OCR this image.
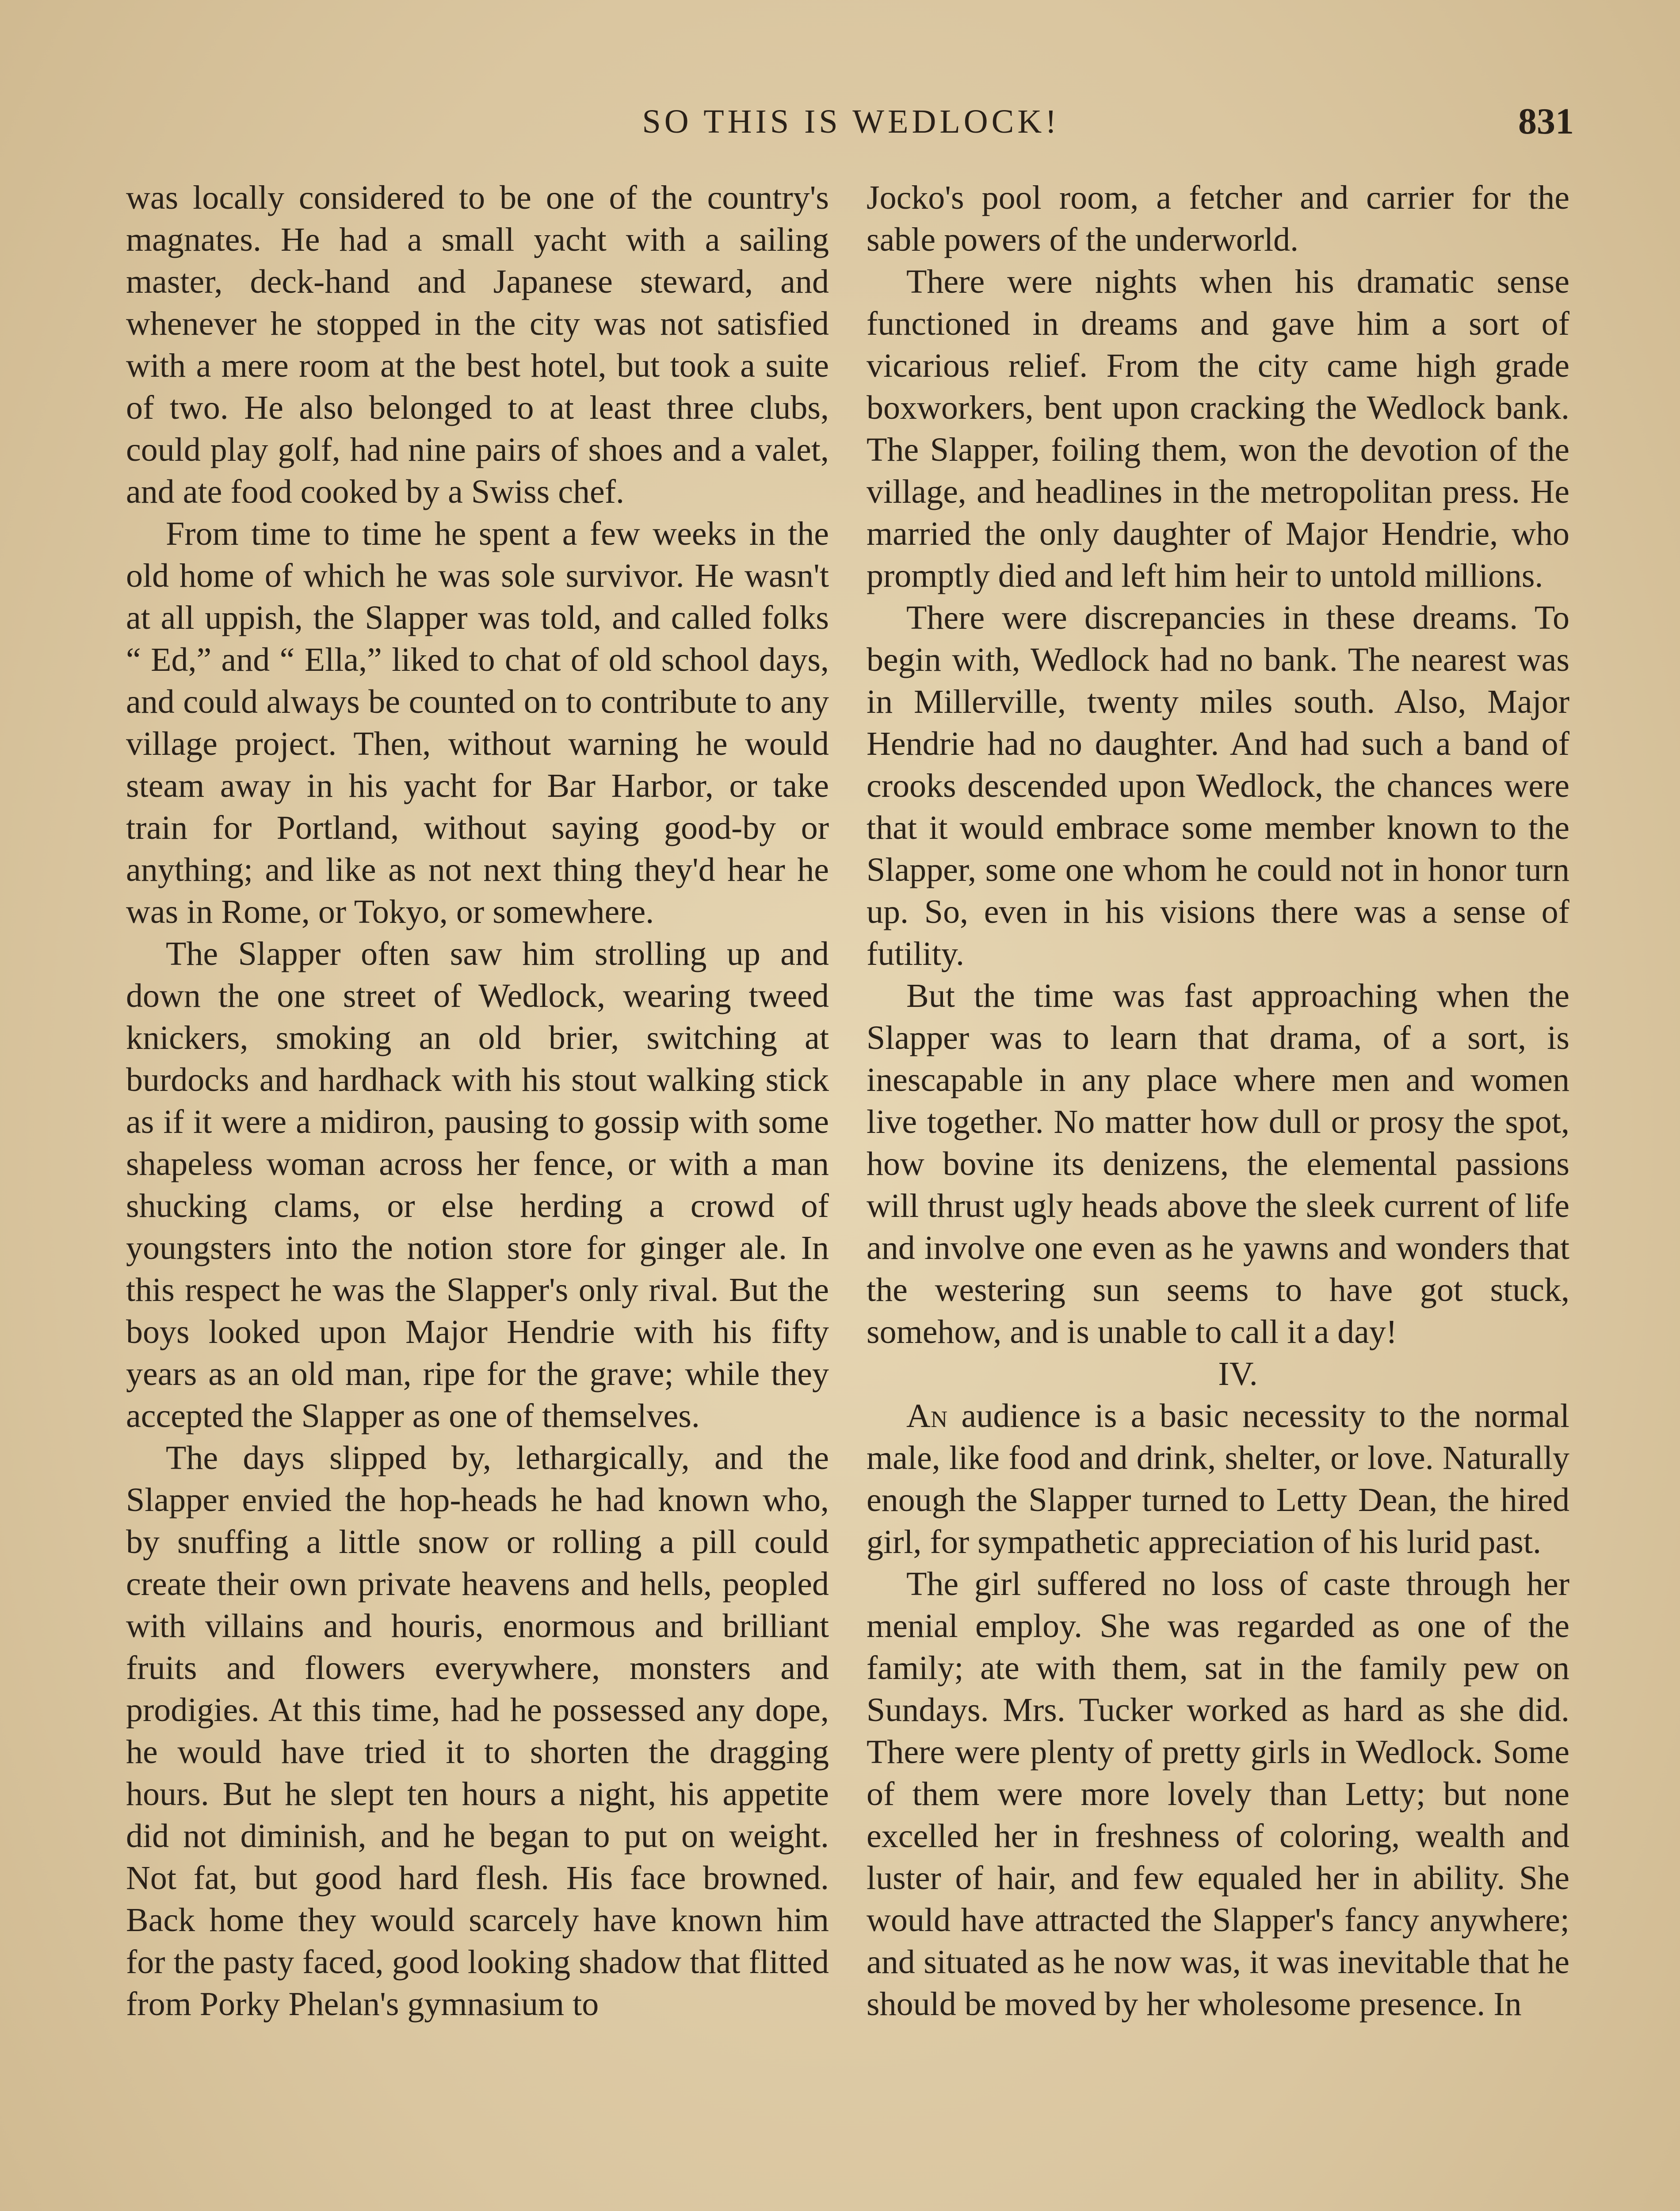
SO THIS IS WEDLOCK!	831

was locally considered to be one of the country's magnates. He had a small yacht with a sailing master, deck-hand and Japanese steward, and whenever he stopped in the city was not satisfied with a mere room at the best hotel, but took a suite of two. He also belonged to at least three clubs, could play golf, had nine pairs of shoes and a valet, and ate food cooked by a Swiss chef.

From time to time he spent a few weeks in the old home of which he was sole survivor. He wasn't at all uppish, the Slapper was told, and called folks “ Ed,” and “ Ella,” liked to chat of old school days, and could always be counted on to contribute to any village project. Then, without warning he would steam away in his yacht for Bar Harbor, or take train for Portland, without saying good-by or anything; and like as not next thing they'd hear he was in Rome, or Tokyo, or somewhere.

The Slapper often saw him strolling up and down the one street of Wedlock, wearing tweed knickers, smoking an old brier, switching at burdocks and hardhack with his stout walking stick as if it were a midiron, pausing to gossip with some shapeless woman across her fence, or with a man shucking clams, or else herding a crowd of youngsters into the notion store for ginger ale. In this respect he was the Slapper's only rival. But the boys looked upon Major Hendrie with his fifty years as an old man, ripe for the grave; while they accepted the Slapper as one of themselves.

The days slipped by, lethargically, and the Slapper envied the hop-heads he had known who, by snuffing a little snow or rolling a pill could create their own private heavens and hells, peopled with villains and houris, enormous and brilliant fruits and flowers everywhere, monsters and prodigies. At this time, had he possessed any dope, he would have tried it to shorten the dragging hours. But he slept ten hours a night, his appetite did not diminish, and he began to put on weight. Not fat, but good hard flesh. His face browned. Back home they would scarcely have known him for the pasty faced, good looking shadow that flitted from Porky Phelan's gymnasium to

Jocko's pool room, a fetcher and carrier for the sable powers of the underworld.

There were nights when his dramatic sense functioned in dreams and gave him a sort of vicarious relief. From the city came high grade boxworkers, bent upon cracking the Wedlock bank. The Slapper, foiling them, won the devotion of the village, and headlines in the metropolitan press. He married the only daughter of Major Hendrie, who promptly died and left him heir to untold millions.

There were discrepancies in these dreams. To begin with, Wedlock had no bank. The nearest was in Millerville, twenty miles south. Also, Major Hendrie had no daughter. And had such a band of crooks descended upon Wedlock, the chances were that it would embrace some member known to the Slapper, some one whom he could not in honor turn up. So, even in his visions there was a sense of futility.

But the time was fast approaching when the Slapper was to learn that drama, of a sort, is inescapable in any place where men and women live together. No matter how dull or prosy the spot, how bovine its denizens, the elemental passions will thrust ugly heads above the sleek current of life and involve one even as he yawns and wonders that the westering sun seems to have got stuck, somehow, and is unable to call it a day!

IV.

An audience is a basic necessity to the normal male, like food and drink, shelter, or love. Naturally enough the Slapper turned to Letty Dean, the hired girl, for sympathetic appreciation of his lurid past.

The girl suffered no loss of caste through her menial employ. She was regarded as one of the family; ate with them, sat in the family pew on Sundays. Mrs. Tucker worked as hard as she did. There were plenty of pretty girls in Wedlock. Some of them were more lovely than Letty; but none excelled her in freshness of coloring, wealth and luster of hair, and few equaled her in ability. She would have attracted the Slapper's fancy anywhere; and situated as he now was, it was inevitable that he should be moved by her wholesome presence. In
